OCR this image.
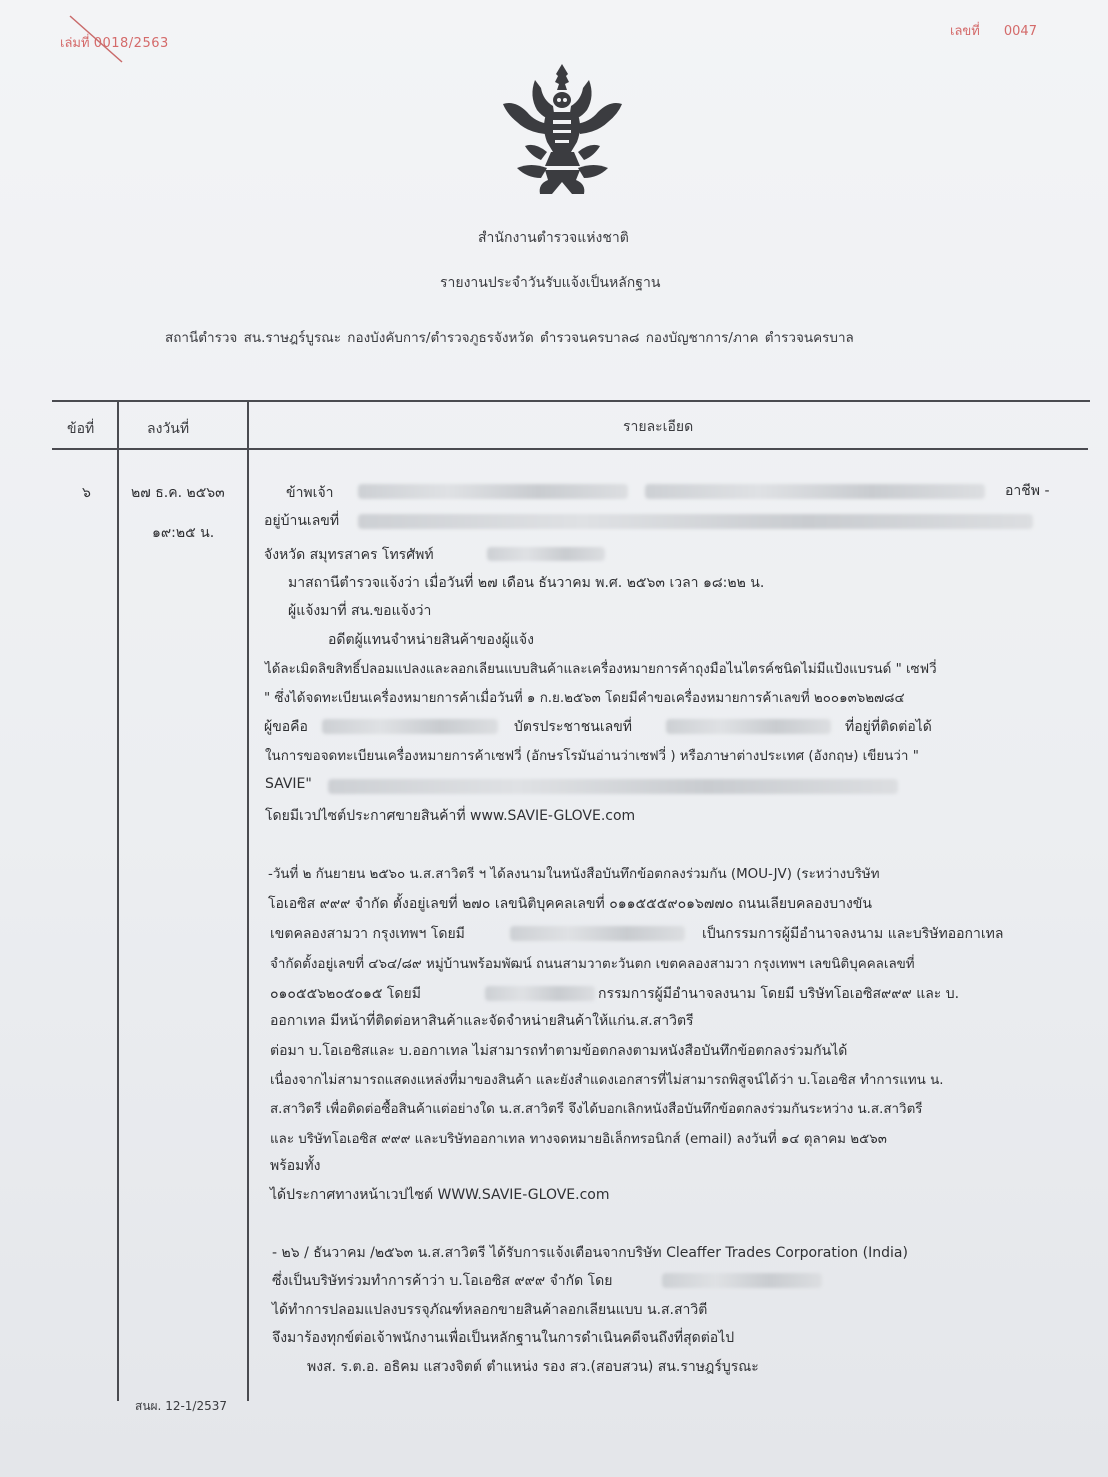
เล่มที่ 0018/2563
เลขที่ 0047
สำนักงานตำรวจแห่งชาติ
รายงานประจำวันรับแจ้งเป็นหลักฐาน
สถานีตำรวจ สน.ราษฎร์บูรณะ กองบังคับการ/ตำรวจภูธรจังหวัด ตำรวจนครบาล๘ กองบัญชาการ/ภาค ตำรวจนครบาล
ข้อที่	ลงวันที่	รายละเอียด
๖	๒๗ ธ.ค. ๒๕๖๓
๑๙:๒๕ น.
ข้าพเจ้า	อาชีพ -
อยู่บ้านเลขที่
จังหวัด สมุทรสาคร โทรศัพท์
มาสถานีตำรวจแจ้งว่า เมื่อวันที่ ๒๗ เดือน ธันวาคม พ.ศ. ๒๕๖๓ เวลา ๑๘:๒๒ น.
ผู้แจ้งมาที่ สน.ขอแจ้งว่า
อดีตผู้แทนจำหน่ายสินค้าของผู้แจ้ง
ได้ละเมิดลิขสิทธิ์ปลอมแปลงและลอกเลียนแบบสินค้าและเครื่องหมายการค้าถุงมือไนไตรค์ชนิดไม่มีแป้งแบรนด์ " เซฟวี่
" ซึ่งได้จดทะเบียนเครื่องหมายการค้าเมื่อวันที่ ๑ ก.ย.๒๕๖๓ โดยมีคำขอเครื่องหมายการค้าเลขที่ ๒๐๐๑๓๖๒๗๘๔
ผู้ขอคือ	บัตรประชาชนเลขที่	ที่อยู่ที่ติดต่อได้
ในการขอจดทะเบียนเครื่องหมายการค้าเซฟวี่ (อักษรโรมันอ่านว่าเซฟวี่ ) หรือภาษาต่างประเทศ (อังกฤษ) เขียนว่า "
SAVIE"
โดยมีเวปไซต์ประกาศขายสินค้าที่ www.SAVIE-GLOVE.com
-วันที่ ๒ กันยายน ๒๕๖๐ น.ส.สาวิตรี ฯ ได้ลงนามในหนังสือบันทึกข้อตกลงร่วมกัน (MOU-JV) (ระหว่างบริษัท
โอเอซิส ๙๙๙ จำกัด ตั้งอยู่เลขที่ ๒๗๐ เลขนิติบุคคลเลขที่ ๐๑๑๕๕๕๙๐๑๖๗๗๐ ถนนเลียบคลองบางขัน
เขตคลองสามวา กรุงเทพฯ โดยมี	เป็นกรรมการผู้มีอำนาจลงนาม และบริษัทออกาเทล
จำกัดตั้งอยู่เลขที่ ๔๖๔/๘๙ หมู่บ้านพร้อมพัฒน์ ถนนสามวาตะวันตก เขตคลองสามวา กรุงเทพฯ เลขนิติบุคคลเลขที่
๐๑๐๕๕๖๒๐๕๐๑๕ โดยมี	กรรมการผู้มีอำนาจลงนาม โดยมี บริษัทโอเอซิส๙๙๙ และ บ.
ออกาเทล มีหน้าที่ติดต่อหาสินค้าและจัดจำหน่ายสินค้าให้แก่น.ส.สาวิตรี
ต่อมา บ.โอเอซิสและ บ.ออกาเทล ไม่สามารถทำตามข้อตกลงตามหนังสือบันทึกข้อตกลงร่วมกันได้
เนื่องจากไม่สามารถแสดงแหล่งที่มาของสินค้า และยังสำแดงเอกสารที่ไม่สามารถพิสูจน์ได้ว่า บ.โอเอซิส ทำการแทน น.
ส.สาวิตรี เพื่อติดต่อซื้อสินค้าแต่อย่างใด น.ส.สาวิตรี จึงได้บอกเลิกหนังสือบันทึกข้อตกลงร่วมกันระหว่าง น.ส.สาวิตรี
และ บริษัทโอเอซิส ๙๙๙ และบริษัทออกาเทล ทางจดหมายอิเล็กทรอนิกส์ (email) ลงวันที่ ๑๔ ตุลาคม ๒๕๖๓
พร้อมทั้ง
ได้ประกาศทางหน้าเวปไซต์ WWW.SAVIE-GLOVE.com
- ๒๖ / ธันวาคม /๒๕๖๓ น.ส.สาวิตรี ได้รับการแจ้งเตือนจากบริษัท Cleaffer Trades Corporation (India)
ซึ่งเป็นบริษัทร่วมทำการค้าว่า บ.โอเอซิส ๙๙๙ จำกัด โดย
ได้ทำการปลอมแปลงบรรจุภัณฑ์หลอกขายสินค้าลอกเลียนแบบ น.ส.สาวิตี
จึงมาร้องทุกข์ต่อเจ้าพนักงานเพื่อเป็นหลักฐานในการดำเนินคดีจนถึงที่สุดต่อไป
พงส. ร.ต.อ. อธิคม แสวงจิตต์ ตำแหน่ง รอง สว.(สอบสวน) สน.ราษฎร์บูรณะ
สนผ. 12-1/2537
